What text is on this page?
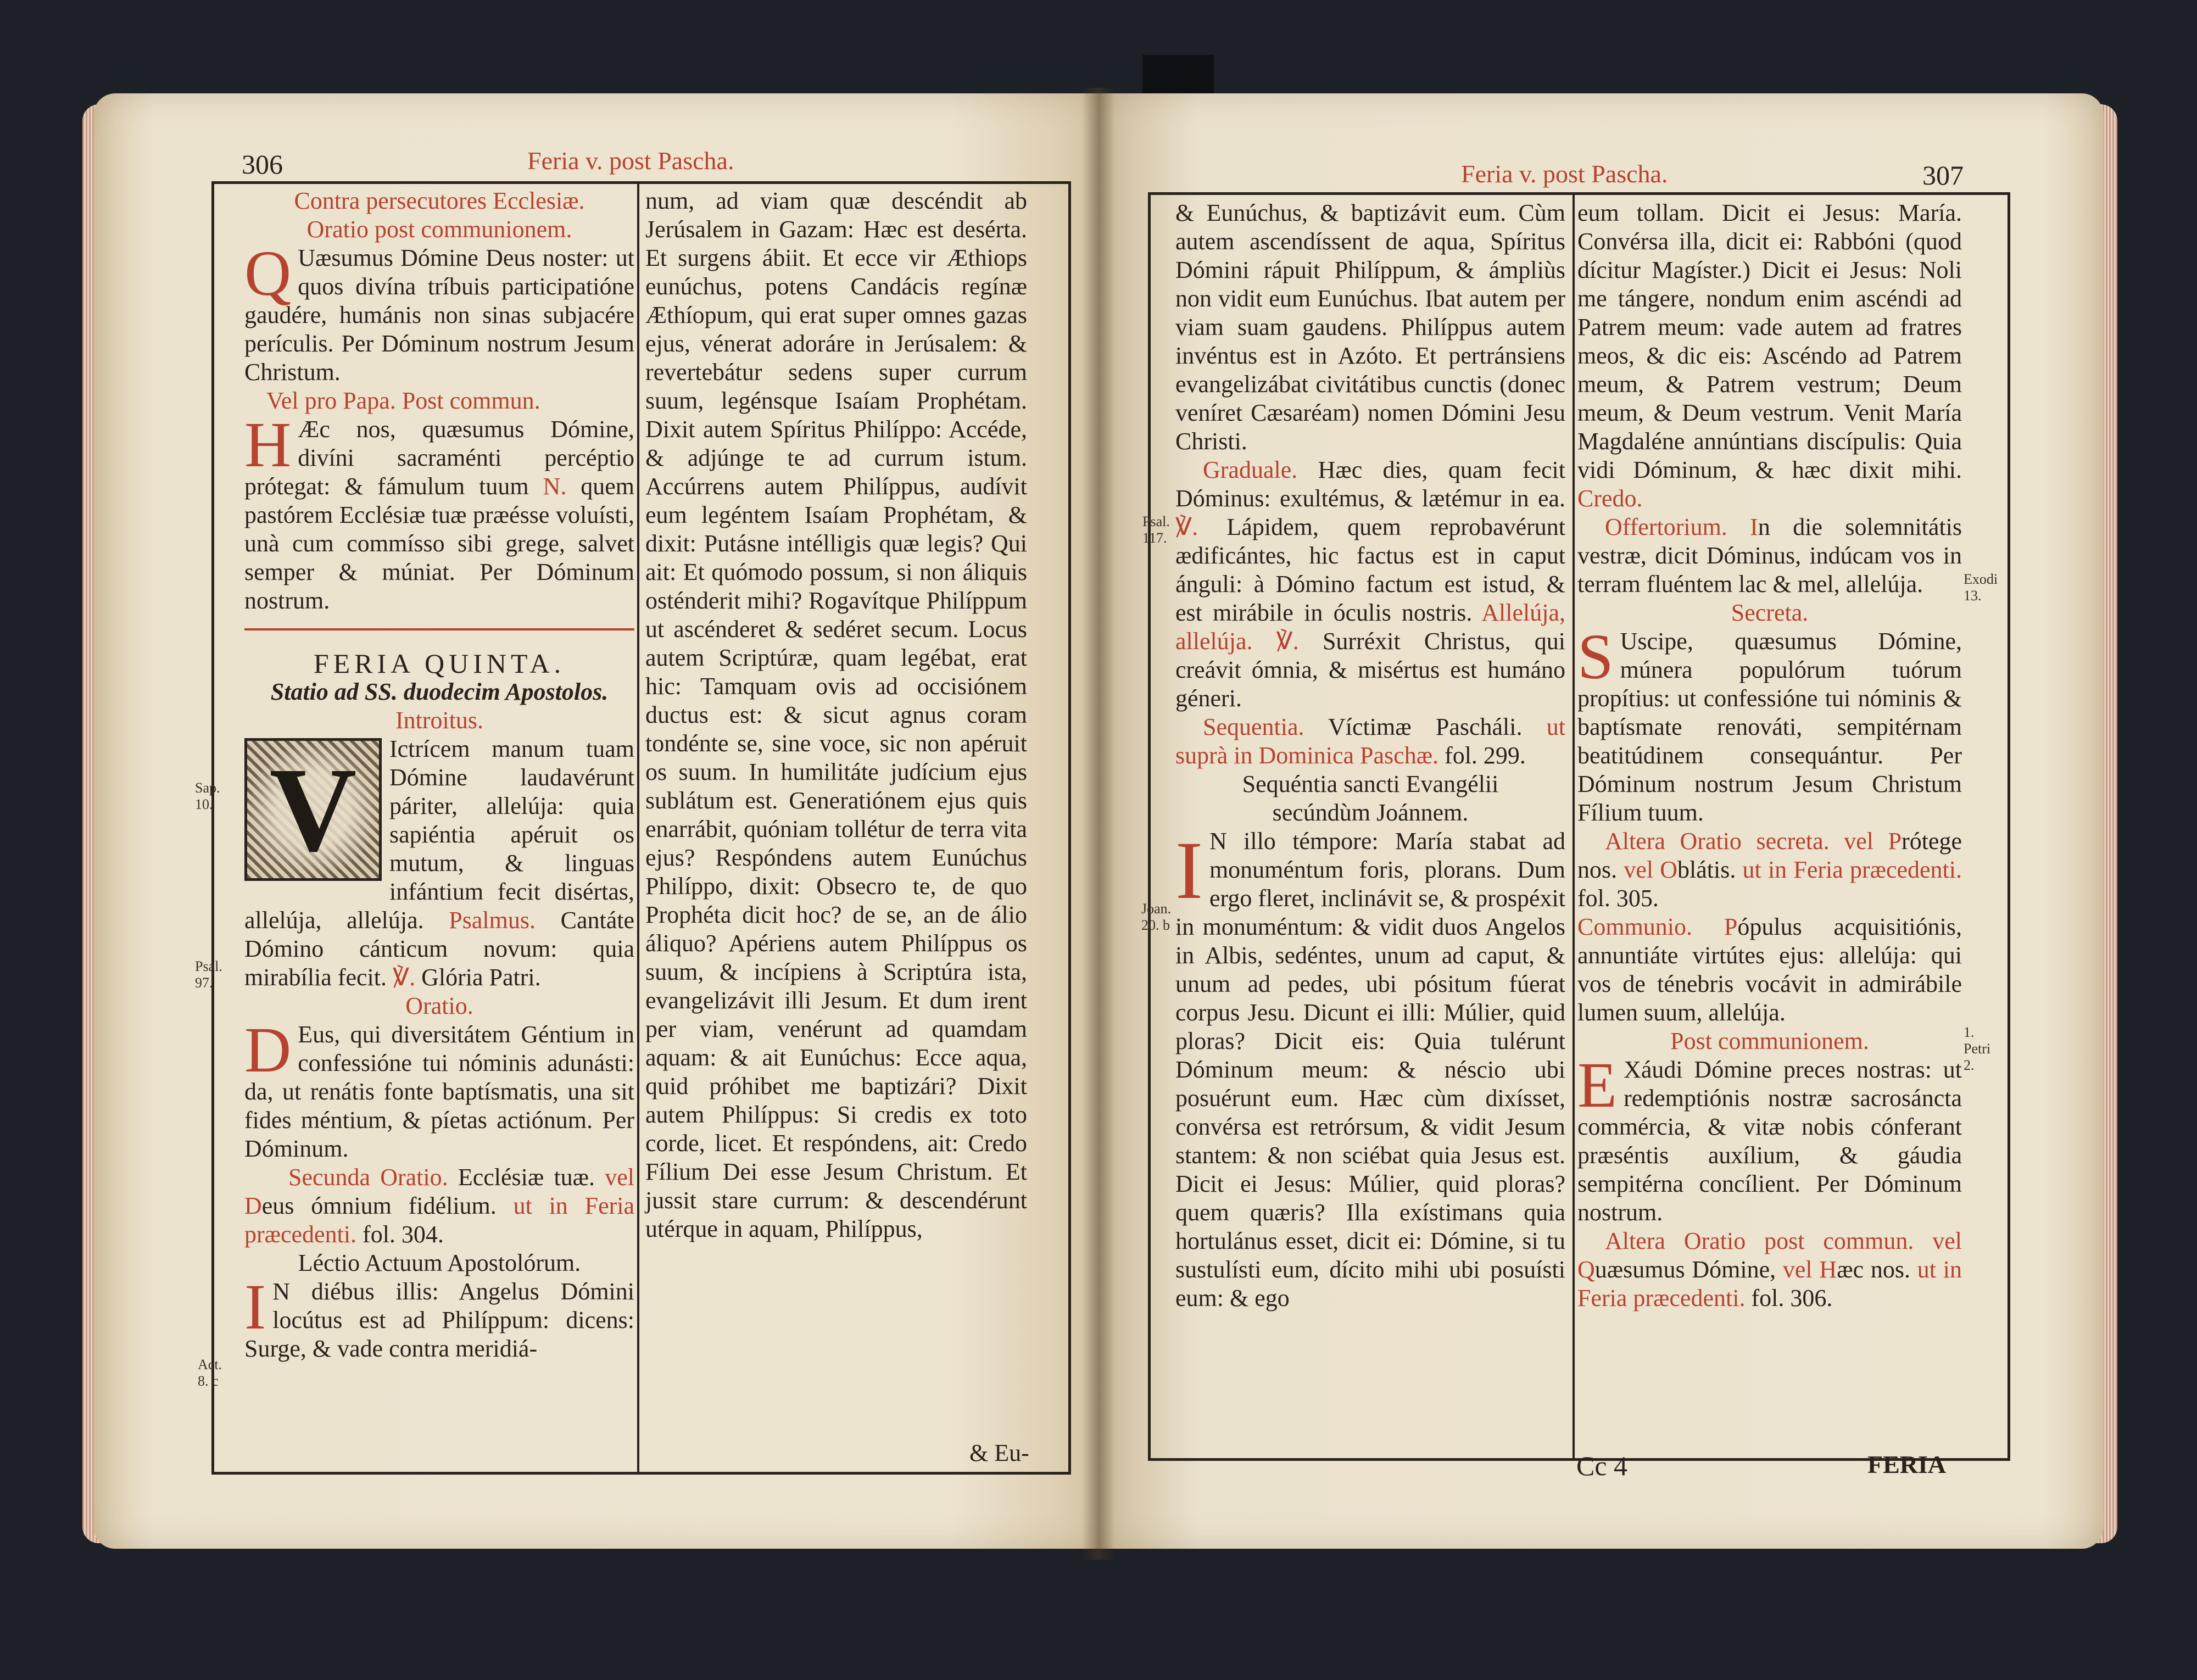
306	Feria v. post Pascha.

Contra persecutores Ecclesiæ.

Oratio post communionem.

Q Uæsumus Dómine Deus noster: ut quos divína tríbuis participatióne gaudére, humánis non sinas subjacére perículis. Per Dóminum nostrum Jesum Christum.

Vel pro Papa. Post commun.

H Æc nos, quæsumus Dómine, divíni sacraménti percéptio prótegat: & fámulum tuum N. quem pastórem Ecclésiæ tuæ præésse voluísti, unà cum commísso sibi grege, salvet semper & múniat. Per Dóminum nostrum.

FERIA QUINTA.

Statio ad SS. duodecim Apostolos.

Introitus.

V	Ictrícem manum tuam Dómine laudavérunt páriter, allelúja: quia sapiéntia apéruit os mutum, & linguas infántium fecit disértas, allelúja, allelúja. Psalmus. Cantáte Dómino cánticum novum: quia mirabília fecit. ℣. Glória Patri.

Oratio.

D Eus, qui diversitátem Géntium in confessióne tui nóminis adunásti: da, ut renátis fonte baptísmatis, una sit fides méntium, & píetas actiónum. Per Dóminum.

Secunda Oratio. Ecclésiæ tuæ. vel Deus ómnium fidélium. ut in Feria præcedenti. fol. 304.

Léctio Actuum Apostolórum.

I N diébus illis: Angelus Dómini locútus est ad Philíppum: dicens: Surge, & vade contra meridiá-

Sap. 10.
Psal. 97.
Act. 8. c

num, ad viam quæ descéndit ab Jerúsalem in Gazam: Hæc est desérta. Et surgens ábiit. Et ecce vir Æthiops eunúchus, potens Candácis regínæ Æthíopum, qui erat super omnes gazas ejus, vénerat adoráre in Jerúsalem: & revertebátur sedens super currum suum, legénsque Isaíam Prophétam. Dixit autem Spíritus Philíppo: Accéde, & adjúnge te ad currum istum. Accúrrens autem Philíppus, audívit eum legéntem Isaíam Prophétam, & dixit: Putásne intélligis quæ legis? Qui ait: Et quómodo possum, si non áliquis osténderit mihi? Rogavítque Philíppum ut ascénderet & sedéret secum. Locus autem Scriptúræ, quam legébat, erat hic: Tamquam ovis ad occisiónem ductus est: & sicut agnus coram tondénte se, sine voce, sic non apéruit os suum. In humilitáte judícium ejus sublátum est. Generatiónem ejus quis enarrábit, quóniam tollétur de terra vita ejus? Respóndens autem Eunúchus Philíppo, dixit: Obsecro te, de quo Prophéta dicit hoc? de se, an de álio áliquo? Apériens autem Philíppus os suum, & incípiens à Scriptúra ista, evangelizávit illi Jesum. Et dum irent per viam, venérunt ad quamdam aquam: & ait Eunúchus: Ecce aqua, quid próhibet me baptizári? Dixit autem Philíppus: Si credis ex toto corde, licet. Et respóndens, ait: Credo Fílium Dei esse Jesum Christum. Et jussit stare currum: & descendérunt utérque in aquam, Philíppus,

& Eu-
Feria v. post Pascha.	307

& Eunúchus, & baptizávit eum. Cùm autem ascendíssent de aqua, Spíritus Dómini rápuit Philíppum, & ámpliùs non vidit eum Eunúchus. Ibat autem per viam suam gaudens. Philíppus autem invéntus est in Azóto. Et pertránsiens evangelizábat civitátibus cunctis (donec veníret Cæsaréam) nomen Dómini Jesu Christi.

Graduale. Hæc dies, quam fecit Dóminus: exultémus, & lætémur in ea. ℣. Lápidem, quem reprobavérunt ædificántes, hic factus est in caput ánguli: à Dómino factum est istud, & est mirábile in óculis nostris. Allelúja, allelúja. ℣. Surréxit Christus, qui creávit ómnia, & misértus est humáno géneri.

Sequentia. Víctimæ Pascháli. ut suprà in Dominica Paschæ. fol. 299.

Sequéntia sancti Evangélii

secúndùm Joánnem.

I N illo témpore: María stabat ad monuméntum foris, plorans. Dum ergo fleret, inclinávit se, & prospéxit in monuméntum: & vidit duos Angelos in Albis, sedéntes, unum ad caput, & unum ad pedes, ubi pósitum fúerat corpus Jesu. Dicunt ei illi: Múlier, quid ploras? Dicit eis: Quia tulérunt Dóminum meum: & nésciо ubi posuérunt eum. Hæc cùm dixísset, convérsa est retrórsum, & vidit Jesum stantem: & non sciébat quia Jesus est. Dicit ei Jesus: Múlier, quid ploras? quem quæris? Illa exístimans quia hortulánus esset, dicit ei: Dómine, si tu sustulísti eum, dícito mihi ubi posuísti eum: & ego

Psal. 117.
Joan. 20. b

eum tollam. Dicit ei Jesus: María. Convérsa illa, dicit ei: Rabbóni (quod dícitur Magíster.) Dicit ei Jesus: Noli me tángere, nondum enim ascéndi ad Patrem meum: vade autem ad fratres meos, & dic eis: Ascéndo ad Patrem meum, & Patrem vestrum; Deum meum, & Deum vestrum. Venit María Magdaléne annúntians discípulis: Quia vidi Dóminum, & hæc dixit mihi. Credo.

Offertorium. In die solemnitátis vestræ, dicit Dóminus, indúcam vos in terram fluéntem lac & mel, allelúja.

Secreta.

S Uscipe, quæsumus Dómine, múnera populórum tuórum propítius: ut confessióne tui nóminis & baptísmate renováti, sempitérnam beatitúdinem consequántur. Per Dóminum nostrum Jesum Christum Fílium tuum.

Altera Oratio secreta. vel Prótege nos. vel Oblátis. ut in Feria præcedenti. fol. 305.

Communio. Pópulus acquisitiónis, annuntiáte virtútes ejus: allelúja: qui vos de ténebris vocávit in admirábile lumen suum, allelúja.

Post communionem.

E Xáudi Dómine preces nostras: ut redemptiónis nostræ sacrosáncta commércia, & vitæ nobis cónferant præséntis auxílium, & gáudia sempitérna concílient. Per Dóminum nostrum.

Altera Oratio post commun. vel Quæsumus Dómine, vel Hæc nos. ut in Feria præcedenti. fol. 306.

Exodi 13.
1. Petri 2.
Cc 4	FERIA
